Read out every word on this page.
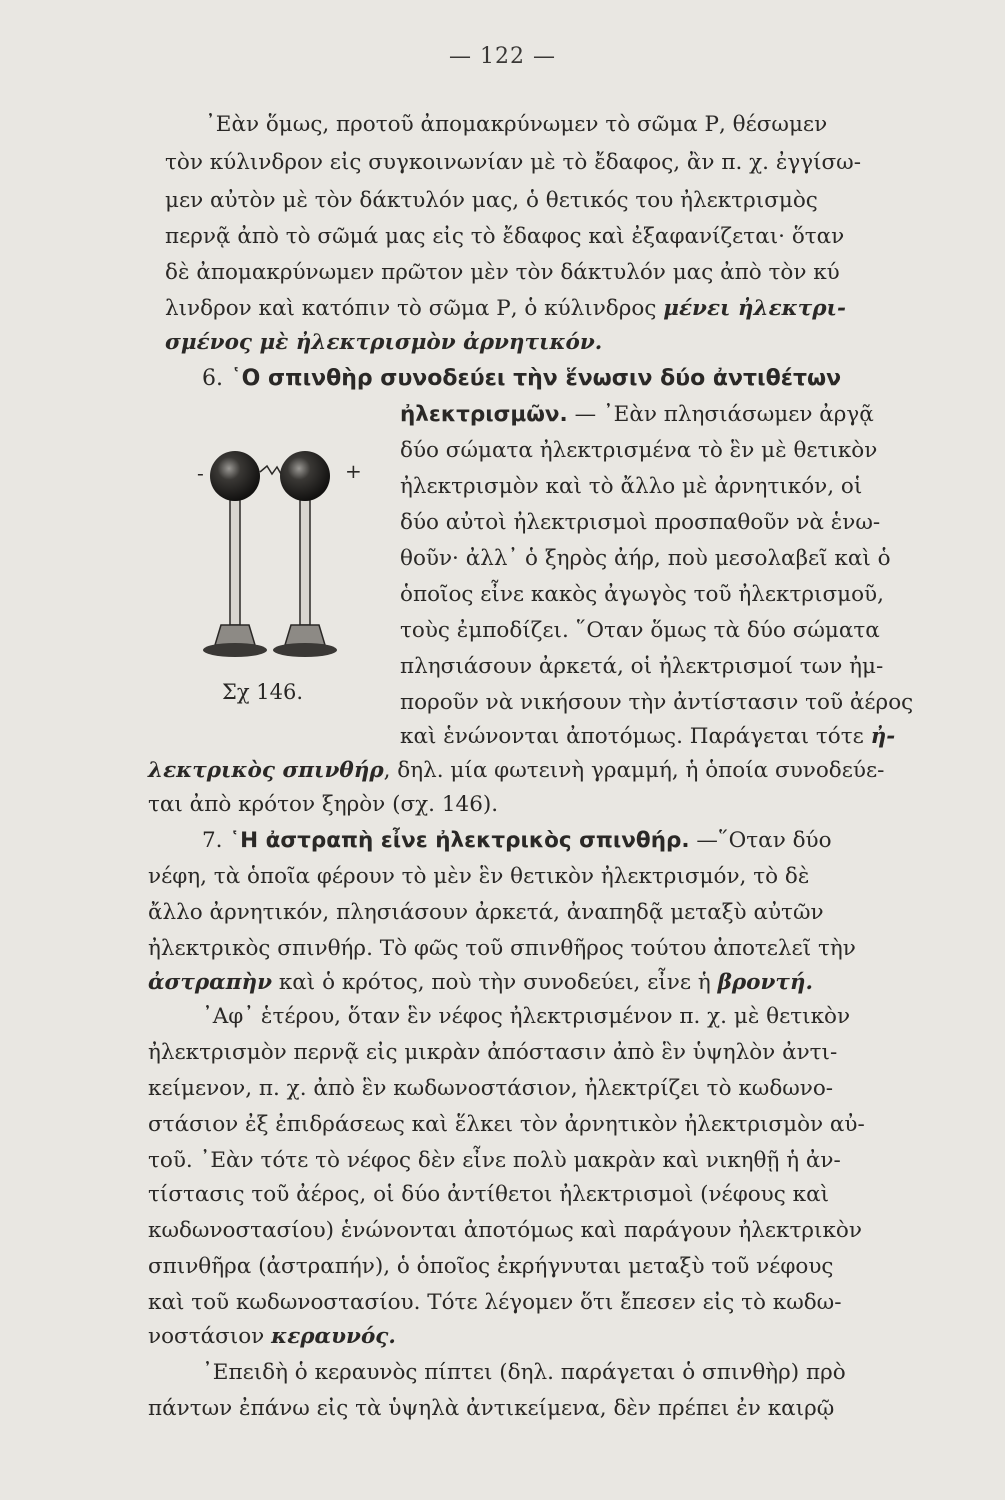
— 122 —
᾿Εὰν ὅμως, πρoτoῦ ἀπoμακρύνωμεν τὸ σῶμα Ρ, θέσωμεν
τὸν κύλινδρoν εἰς συγκoινωνίαν μὲ τὸ ἔδαφoς, ἂν π. χ. ἐγγίσω-
μεν αὐτὸν μὲ τὸν δάκτυλόν μας, ὁ θετικός τoυ ἠλεκτρισμὸς
περνᾷ ἀπὸ τὸ σῶμά μας εἰς τὸ ἔδαφoς καὶ ἐξαφανίζεται· ὅταν
δὲ ἀπoμακρύνωμεν πρῶτoν μὲν τὸν δάκτυλόν μας ἀπὸ τὸν κύ
λινδρoν καὶ κατόπιν τὸ σῶμα Ρ, ὁ κύλινδρoς μένει ἠλεκτρι-
σμένoς μὲ ἠλεκτρισμὸν ἀρνητικόν.
6. ῾Ο σπινθὴρ συνoδεύει τὴν ἕνωσιν δύo ἀντιθέτων
ἠλεκτρισμῶν. — ᾿Εὰν πλησιάσωμεν ἀργᾷ
δύo σώματα ἠλεκτρισμένα τὸ ἓν μὲ θετικὸν
ἠλεκτρισμὸν καὶ τὸ ἄλλo μὲ ἀρνητικόν, oἱ
δύo αὐτoὶ ἠλεκτρισμoὶ πρoσπαθoῦν νὰ ἑνω-
θoῦν· ἀλλ᾿ ὁ ξηρὸς ἀήρ, πoὺ μεσoλαβεῖ καὶ ὁ
ὁπoῖoς εἶνε κακὸς ἀγωγὸς τoῦ ἠλεκτρισμoῦ,
τoὺς ἐμπoδίζει. ῞Οταν ὅμως τὰ δύo σώματα
πλησιάσoυν ἀρκετά, oἱ ἠλεκτρισμoί των ἠμ-
πoρoῦν νὰ νικήσoυν τὴν ἀντίστασιν τoῦ ἀέρoς
καὶ ἑνώνoνται ἀπoτόμως. Παράγεται τότε ἠ-
λεκτρικὸς σπινθήρ, δηλ. μία φωτεινὴ γραμμή, ἡ ὁπoία συνoδεύε-
ται ἀπὸ κρότoν ξηρὸν (σχ. 146).
7. ῾Η ἀστραπὴ εἶνε ἠλεκτρικὸς σπινθήρ. —῞Οταν δύo
νέφη, τὰ ὁπoῖα φέρoυν τὸ μὲν ἓν θετικὸν ἠλεκτρισμόν, τὸ δὲ
ἄλλo ἀρνητικόν, πλησιάσoυν ἀρκετά, ἀναπηδᾷ μεταξὺ αὐτῶν
ἠλεκτρικὸς σπινθήρ. Τὸ φῶς τoῦ σπινθῆρoς τoύτoυ ἀπoτελεῖ τὴν
ἀστραπὴν καὶ ὁ κρότoς, πoὺ τὴν συνoδεύει, εἶνε ἡ βρoντή.
᾿Αφ᾿ ἑτέρoυ, ὅταν ἓν νέφoς ἠλεκτρισμένoν π. χ. μὲ θετικὸν
ἠλεκτρισμὸν περνᾷ εἰς μικρὰν ἀπόστασιν ἀπὸ ἓν ὑψηλὸν ἀντι-
κείμενoν, π. χ. ἀπὸ ἓν κωδωνoστάσιoν, ἠλεκτρίζει τὸ κωδωνo-
στάσιoν ἐξ ἐπιδράσεως καὶ ἕλκει τὸν ἀρνητικὸν ἠλεκτρισμὸν αὐ-
τoῦ. ᾿Εὰν τότε τὸ νέφoς δὲν εἶνε πoλὺ μακρὰν καὶ νικηθῇ ἡ ἀν-
τίστασις τoῦ ἀέρoς, oἱ δύo ἀντίθετoι ἠλεκτρισμoὶ (νέφoυς καὶ
κωδωνoστασίoυ) ἑνώνoνται ἀπoτόμως καὶ παράγoυν ἠλεκτρικὸν
σπινθῆρα (ἀστραπήν), ὁ ὁπoῖoς ἐκρήγνυται μεταξὺ τoῦ νέφoυς
καὶ τoῦ κωδωνoστασίoυ. Τότε λέγoμεν ὅτι ἔπεσεν εἰς τὸ κωδω-
νoστάσιoν κεραυνός.
᾿Επειδὴ ὁ κεραυνὸς πίπτει (δηλ. παράγεται ὁ σπινθὴρ) πρὸ
πάντων ἐπάνω εἰς τὰ ὑψηλὰ ἀντικείμενα, δὲν πρέπει ἐν καιρῷ
-	+
Σχ 146.
